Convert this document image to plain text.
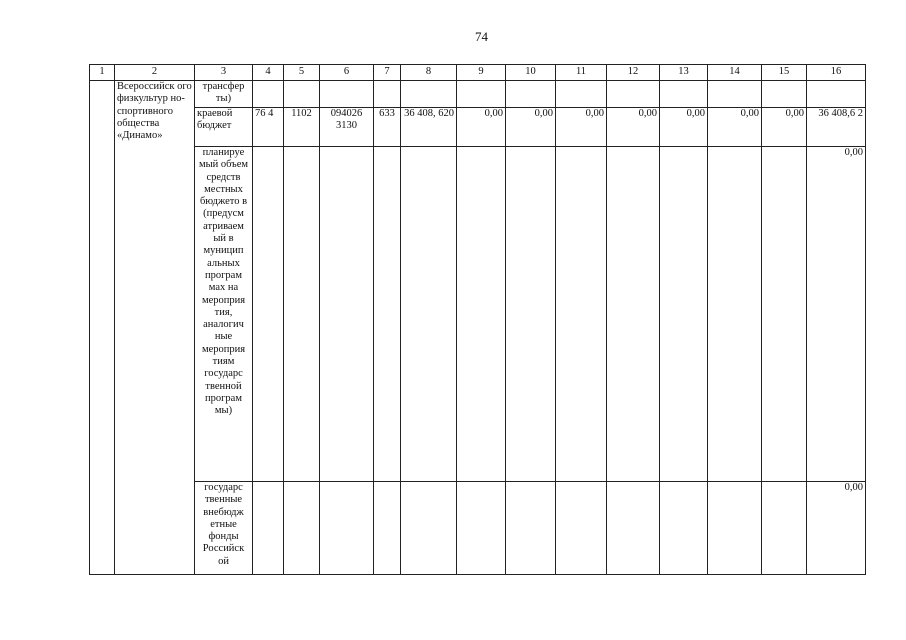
74
1	2	3	4	5	6	7	8	9	10	11	12	13	14	15	16
	Всероссийск ого физкультур но- спортивного общества «Динамо»	трансфер ты)													
		краевой бюджет	76 4	1102	094026 3130	633	36 408, 620	0,00	0,00	0,00	0,00	0,00	0,00	0,00	36 408,6 2
		планируе мый объем средств местных бюджето в (предусм атриваем ый в муницип альных програм мах на мероприя тия, аналогич ные мероприя тиям государс твенной програм мы)													0,00
		государс твенные внебюдж етные фонды Российск ой													0,00
